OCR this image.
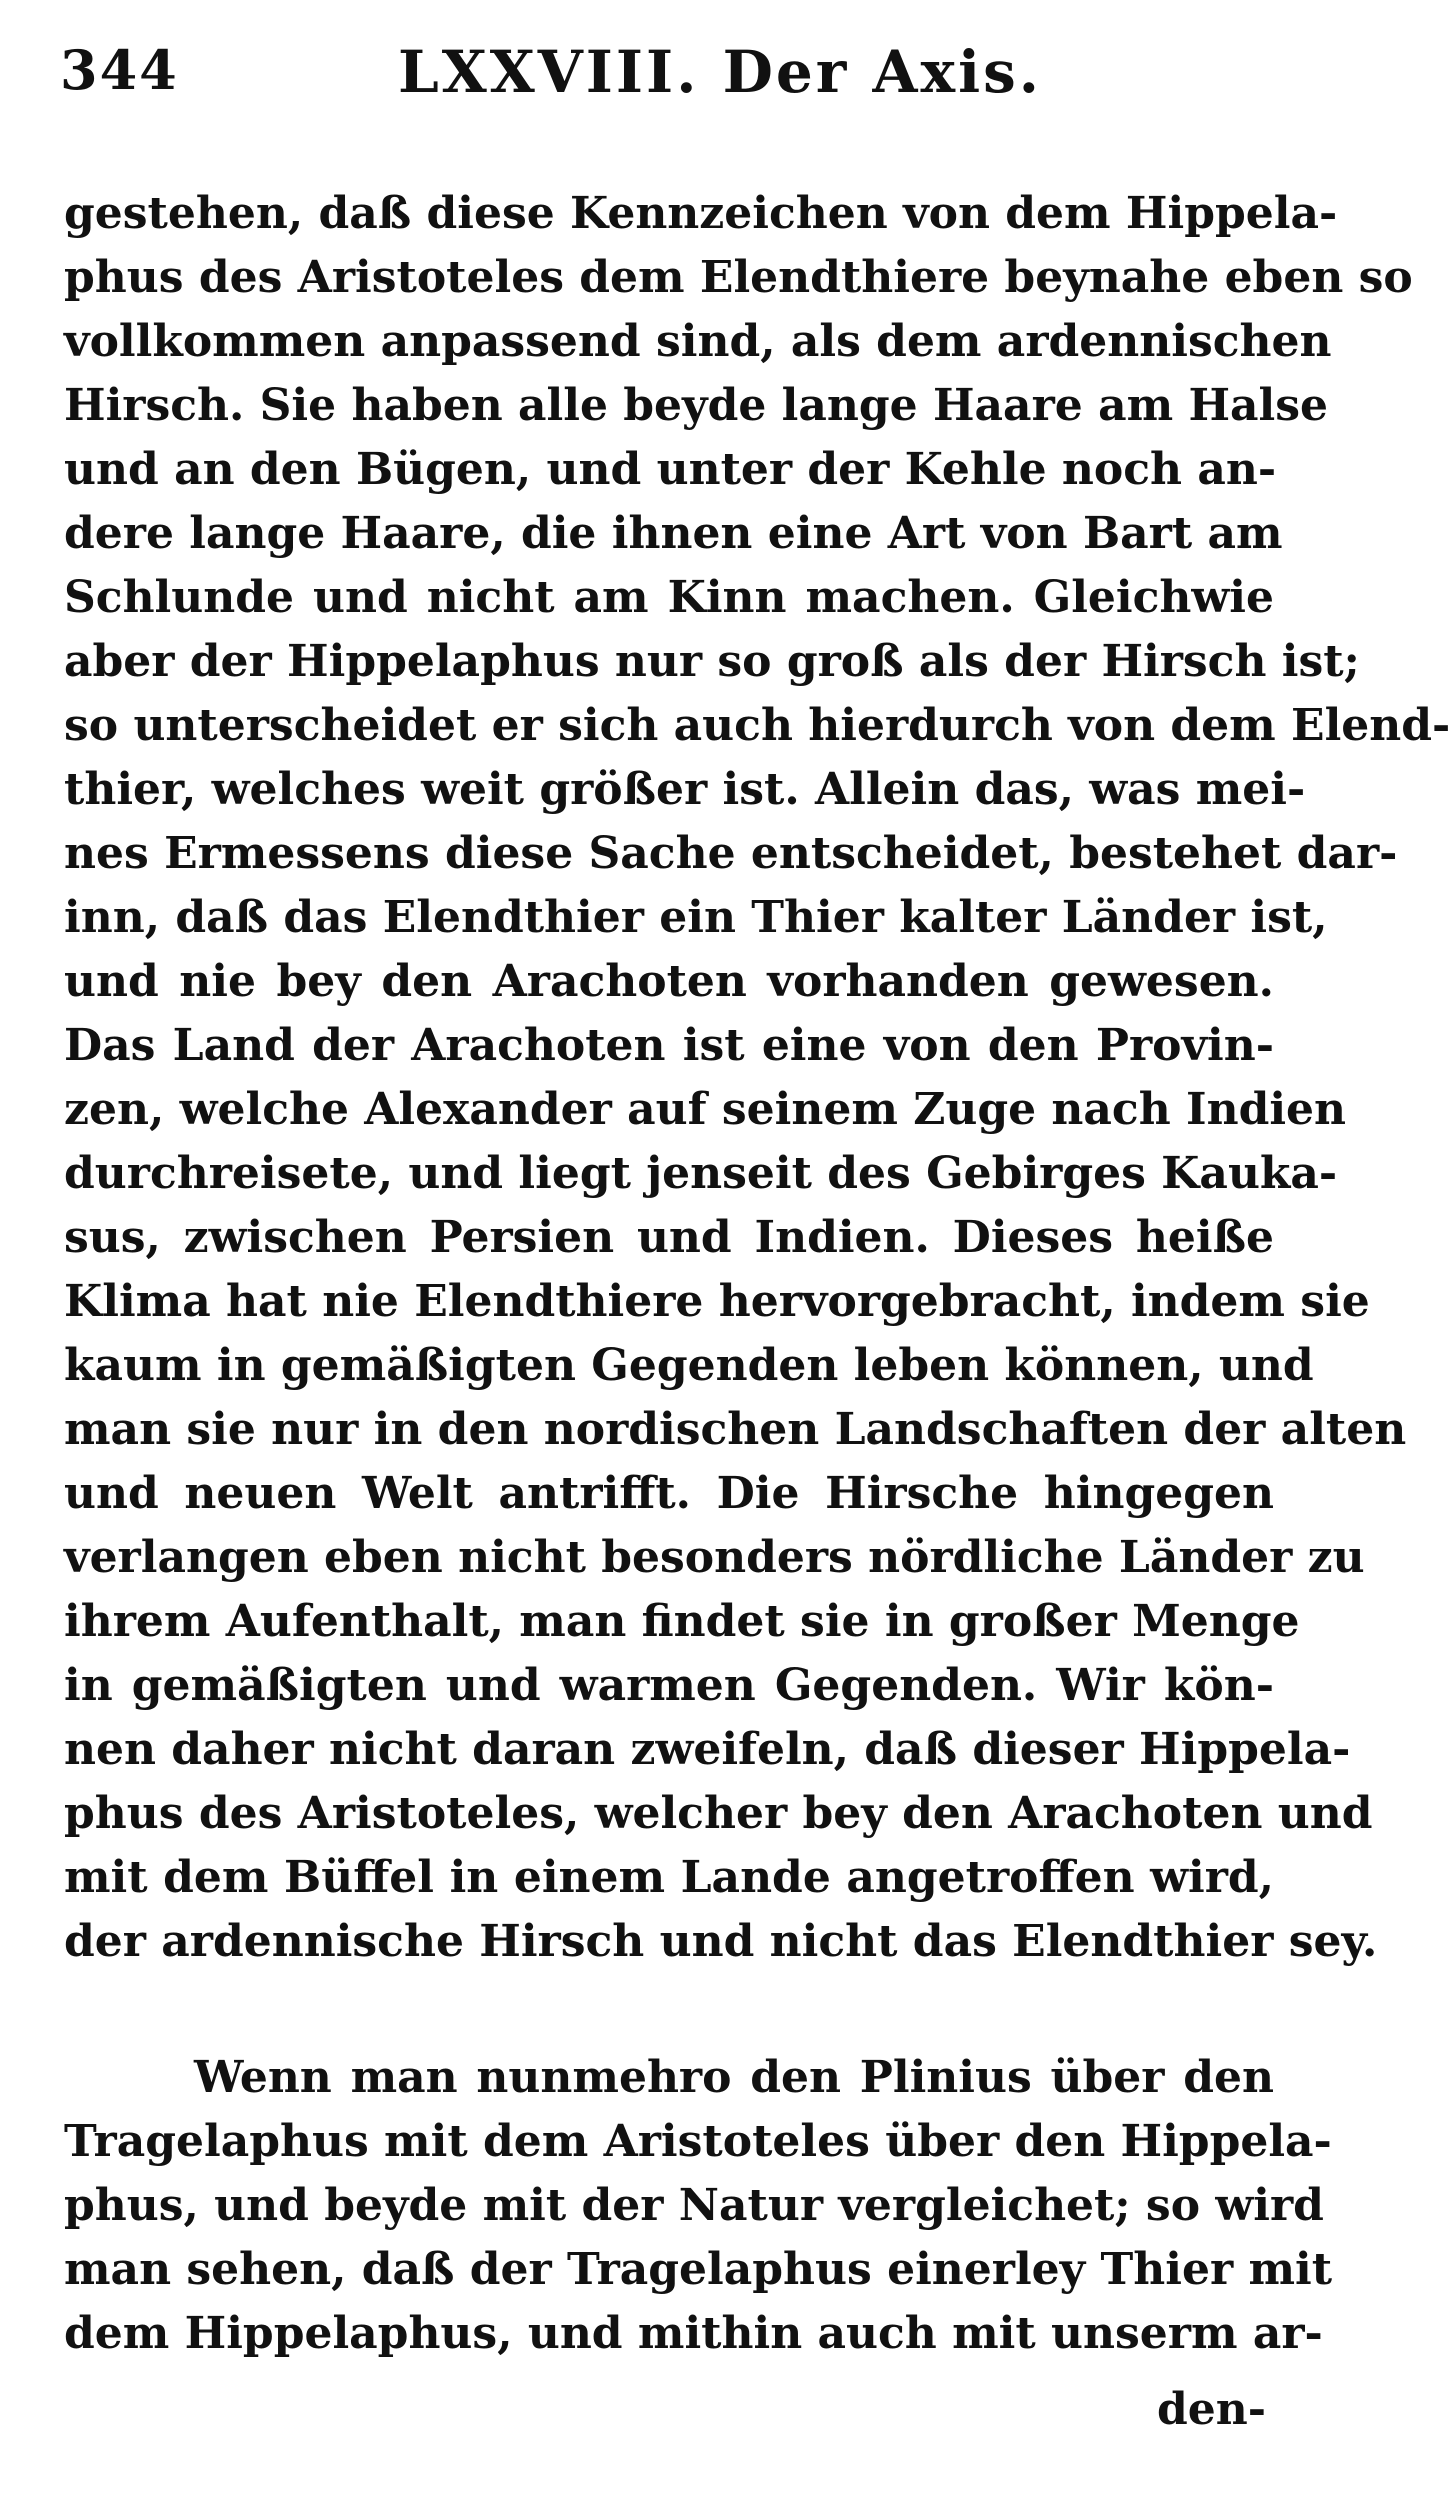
344	LXXVIII. Der Axis.
gestehen, daß diese Kennzeichen von dem Hippela-
phus des Aristoteles dem Elendthiere beynahe eben so
vollkommen anpassend sind, als dem ardennischen
Hirsch. Sie haben alle beyde lange Haare am Halse
und an den Bügen, und unter der Kehle noch an-
dere lange Haare, die ihnen eine Art von Bart am
Schlunde und nicht am Kinn machen. Gleichwie
aber der Hippelaphus nur so groß als der Hirsch ist;
so unterscheidet er sich auch hierdurch von dem Elend-
thier, welches weit größer ist. Allein das, was mei-
nes Ermessens diese Sache entscheidet, bestehet dar-
inn, daß das Elendthier ein Thier kalter Länder ist,
und nie bey den Arachoten vorhanden gewesen.
Das Land der Arachoten ist eine von den Provin-
zen, welche Alexander auf seinem Zuge nach Indien
durchreisete, und liegt jenseit des Gebirges Kauka-
sus, zwischen Persien und Indien. Dieses heiße
Klima hat nie Elendthiere hervorgebracht, indem sie
kaum in gemäßigten Gegenden leben können, und
man sie nur in den nordischen Landschaften der alten
und neuen Welt antrifft. Die Hirsche hingegen
verlangen eben nicht besonders nördliche Länder zu
ihrem Aufenthalt, man findet sie in großer Menge
in gemäßigten und warmen Gegenden. Wir kön-
nen daher nicht daran zweifeln, daß dieser Hippela-
phus des Aristoteles, welcher bey den Arachoten und
mit dem Büffel in einem Lande angetroffen wird,
der ardennische Hirsch und nicht das Elendthier sey.
Wenn man nunmehro den Plinius über den
Tragelaphus mit dem Aristoteles über den Hippela-
phus, und beyde mit der Natur vergleichet; so wird
man sehen, daß der Tragelaphus einerley Thier mit
dem Hippelaphus, und mithin auch mit unserm ar-
den-
